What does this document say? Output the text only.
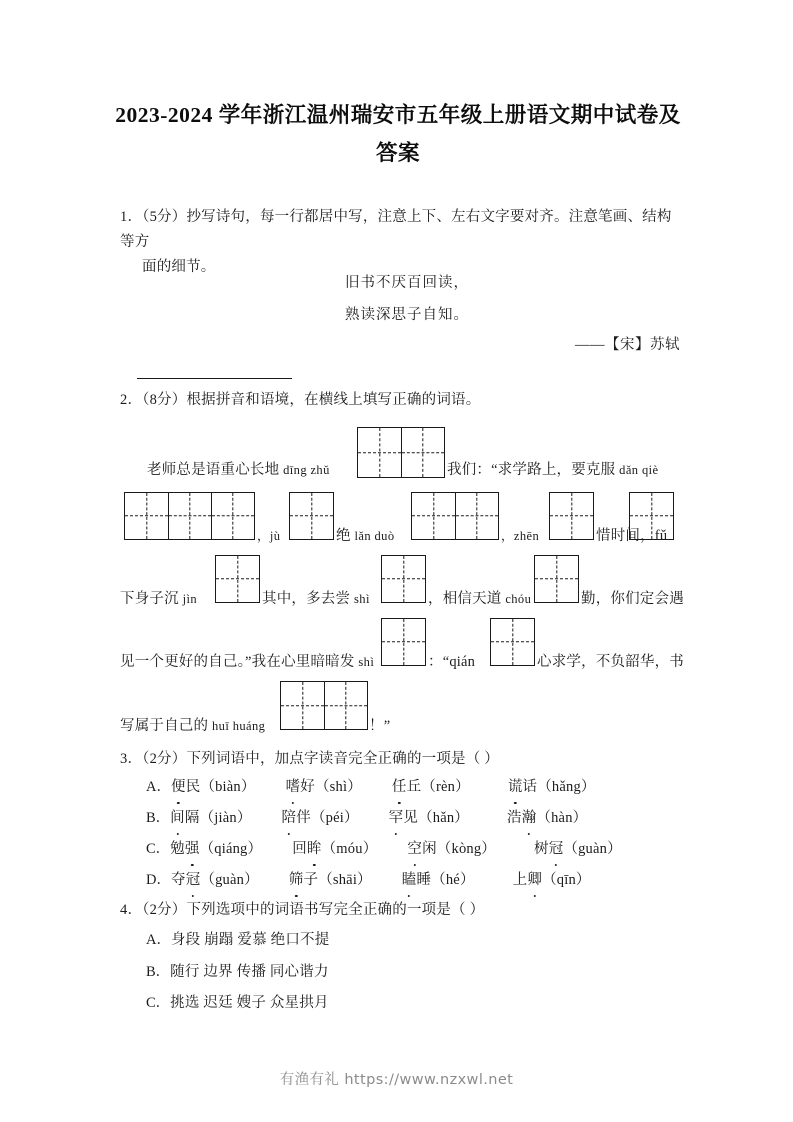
2023-2024 学年浙江温州瑞安市五年级上册语文期中试卷及答案
1．（5分）抄写诗句，每一行都居中写，注意上下、左右文字要对齐。注意笔画、结构等方
面的细节。
旧书不厌百回读，
熟读深思子自知。
——【宋】苏轼
2．（8分）根据拼音和语境，在横线上填写正确的词语。
老师总是语重心长地 dīng zhǔ	我们：“求学路上，要克服 dǎn qiè
，jù	绝 lǎn duò	，zhēn	惜时间，fǔ
下身子沉 jìn	其中，多去尝 shì	，相信天道 chóu	勤，你们定会遇
见一个更好的自己。”我在心里暗暗发 shì	：“qián	心求学，不负韶华，书
写属于自己的 huī huáng	！”
3．（2分）下列词语中，加点字读音完全正确的一项是（ ）
A．便民（biàn） 嗜好（shì） 任丘（rèn）	谎话（hǎng）
B．间隔（jiàn） 陪伴（péi） 罕见（hǎn）	浩瀚（hàn）
C．勉强（qiáng） 回眸（móu） 空闲（kòng）	树冠（guàn）
D．夺冠（guàn） 筛子（shāi） 瞌睡（hé）	上卿（qīn）
4．（2分）下列选项中的词语书写完全正确的一项是（ ）
A．身段 崩蹋 爱慕 绝口不提
B．随行 边界 传播 同心谐力
C．挑选 迟廷 嫂子 众星拱月
有渔有礼 https://www.nzxwl.net
